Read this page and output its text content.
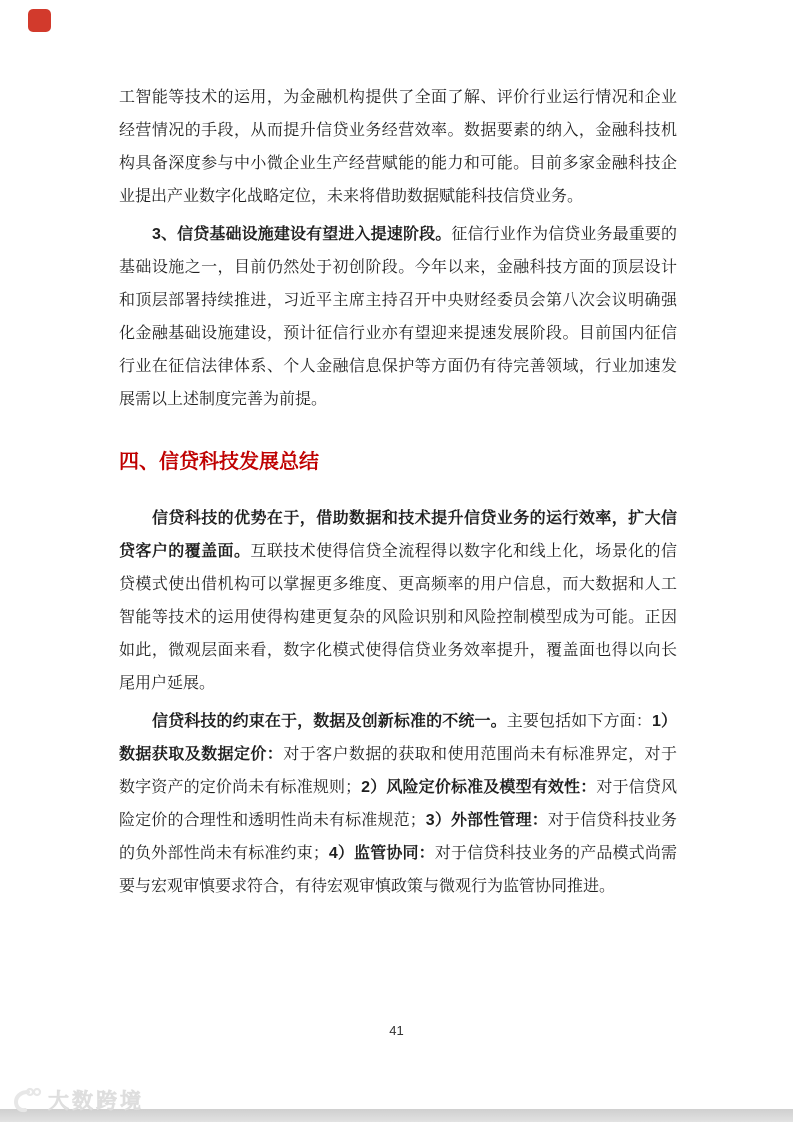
工智能等技术的运用，为金融机构提供了全面了解、评价行业运行情况和企业经营情况的手段，从而提升信贷业务经营效率。数据要素的纳入，金融科技机构具备深度参与中小微企业生产经营赋能的能力和可能。目前多家金融科技企业提出产业数字化战略定位，未来将借助数据赋能科技信贷业务。

3、信贷基础设施建设有望进入提速阶段。征信行业作为信贷业务最重要的基础设施之一，目前仍然处于初创阶段。今年以来，金融科技方面的顶层设计和顶层部署持续推进，习近平主席主持召开中央财经委员会第八次会议明确强化金融基础设施建设，预计征信行业亦有望迎来提速发展阶段。目前国内征信行业在征信法律体系、个人金融信息保护等方面仍有待完善领域，行业加速发展需以上述制度完善为前提。

四、信贷科技发展总结

信贷科技的优势在于，借助数据和技术提升信贷业务的运行效率，扩大信贷客户的覆盖面。互联技术使得信贷全流程得以数字化和线上化，场景化的信贷模式使出借机构可以掌握更多维度、更高频率的用户信息，而大数据和人工智能等技术的运用使得构建更复杂的风险识别和风险控制模型成为可能。正因如此，微观层面来看，数字化模式使得信贷业务效率提升，覆盖面也得以向长尾用户延展。

信贷科技的约束在于，数据及创新标准的不统一。主要包括如下方面：1）数据获取及数据定价：对于客户数据的获取和使用范围尚未有标准界定，对于数字资产的定价尚未有标准规则；2）风险定价标准及模型有效性：对于信贷风险定价的合理性和透明性尚未有标准规范；3）外部性管理：对于信贷科技业务的负外部性尚未有标准约束；4）监管协同：对于信贷科技业务的产品模式尚需要与宏观审慎要求符合，有待宏观审慎政策与微观行为监管协同推进。

41
大数跨境
